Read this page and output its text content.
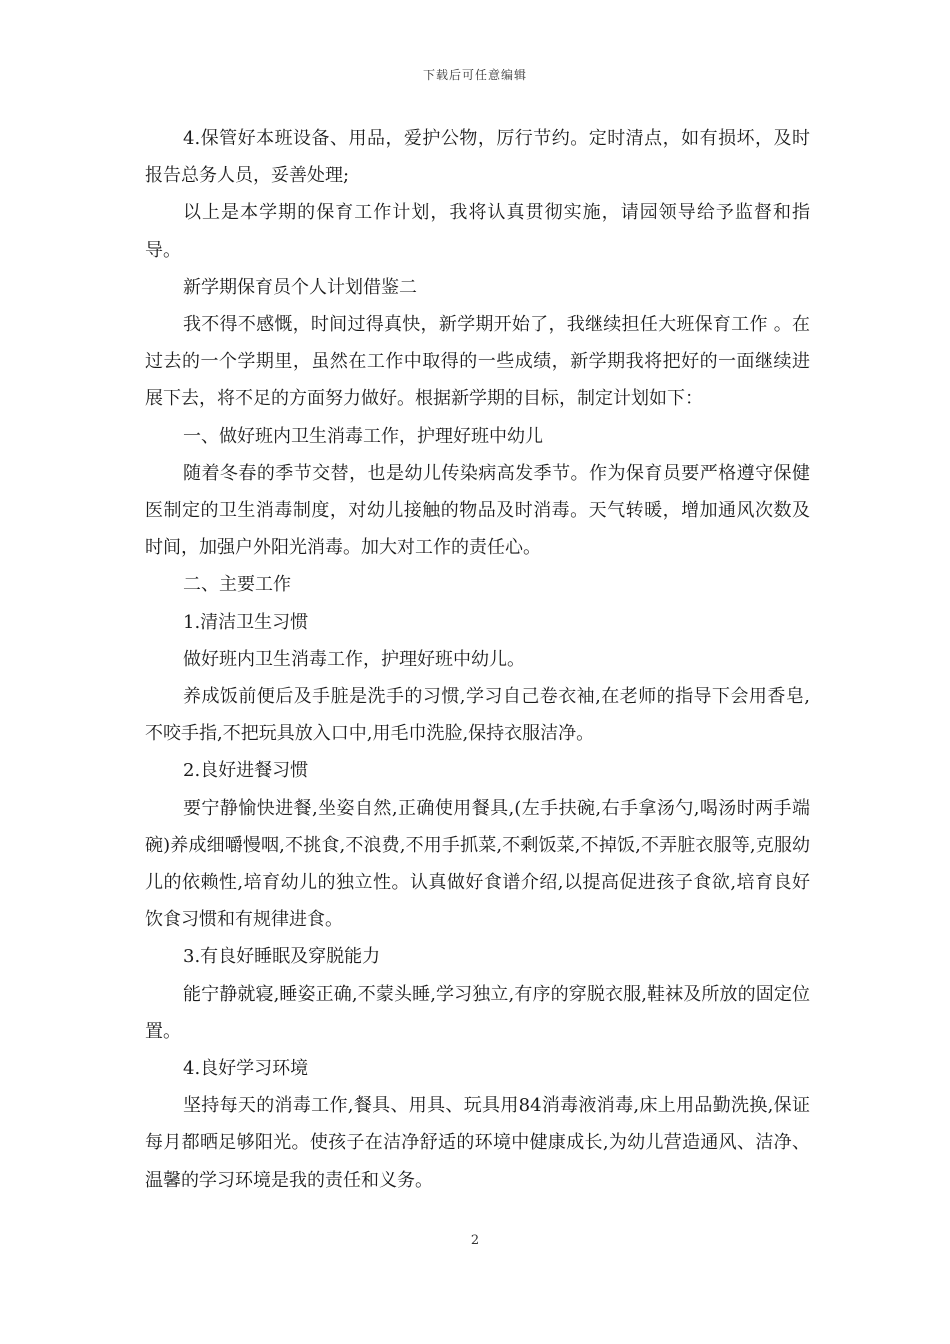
下载后可任意编辑

4.保管好本班设备、用品，爱护公物，厉行节约。定时清点，如有损坏，及时报告总务人员，妥善处理;

以上是本学期的保育工作计划，我将认真贯彻实施，请园领导给予监督和指导。

新学期保育员个人计划借鉴二

我不得不感慨，时间过得真快，新学期开始了，我继续担任大班保育工作 。在过去的一个学期里，虽然在工作中取得的一些成绩，新学期我将把好的一面继续进展下去，将不足的方面努力做好。根据新学期的目标，制定计划如下：

一、做好班内卫生消毒工作，护理好班中幼儿

随着冬春的季节交替，也是幼儿传染病高发季节。作为保育员要严格遵守保健医制定的卫生消毒制度，对幼儿接触的物品及时消毒。天气转暖，增加通风次数及时间，加强户外阳光消毒。加大对工作的责任心。

二、主要工作

1.清洁卫生习惯

做好班内卫生消毒工作，护理好班中幼儿。

养成饭前便后及手脏是洗手的习惯,学习自己卷衣袖,在老师的指导下会用香皂,不咬手指,不把玩具放入口中,用毛巾洗脸,保持衣服洁净。

2.良好进餐习惯

要宁静愉快进餐,坐姿自然,正确使用餐具,(左手扶碗,右手拿汤勺,喝汤时两手端碗)养成细嚼慢咽,不挑食,不浪费,不用手抓菜,不剩饭菜,不掉饭,不弄脏衣服等,克服幼儿的依赖性,培育幼儿的独立性。认真做好食谱介绍,以提高促进孩子食欲,培育良好饮食习惯和有规律进食。

3.有良好睡眠及穿脱能力

能宁静就寝,睡姿正确,不蒙头睡,学习独立,有序的穿脱衣服,鞋袜及所放的固定位置。

4.良好学习环境

坚持每天的消毒工作,餐具、用具、玩具用84消毒液消毒,床上用品勤洗换,保证每月都晒足够阳光。使孩子在洁净舒适的环境中健康成长,为幼儿营造通风、洁净、温馨的学习环境是我的责任和义务。

2
